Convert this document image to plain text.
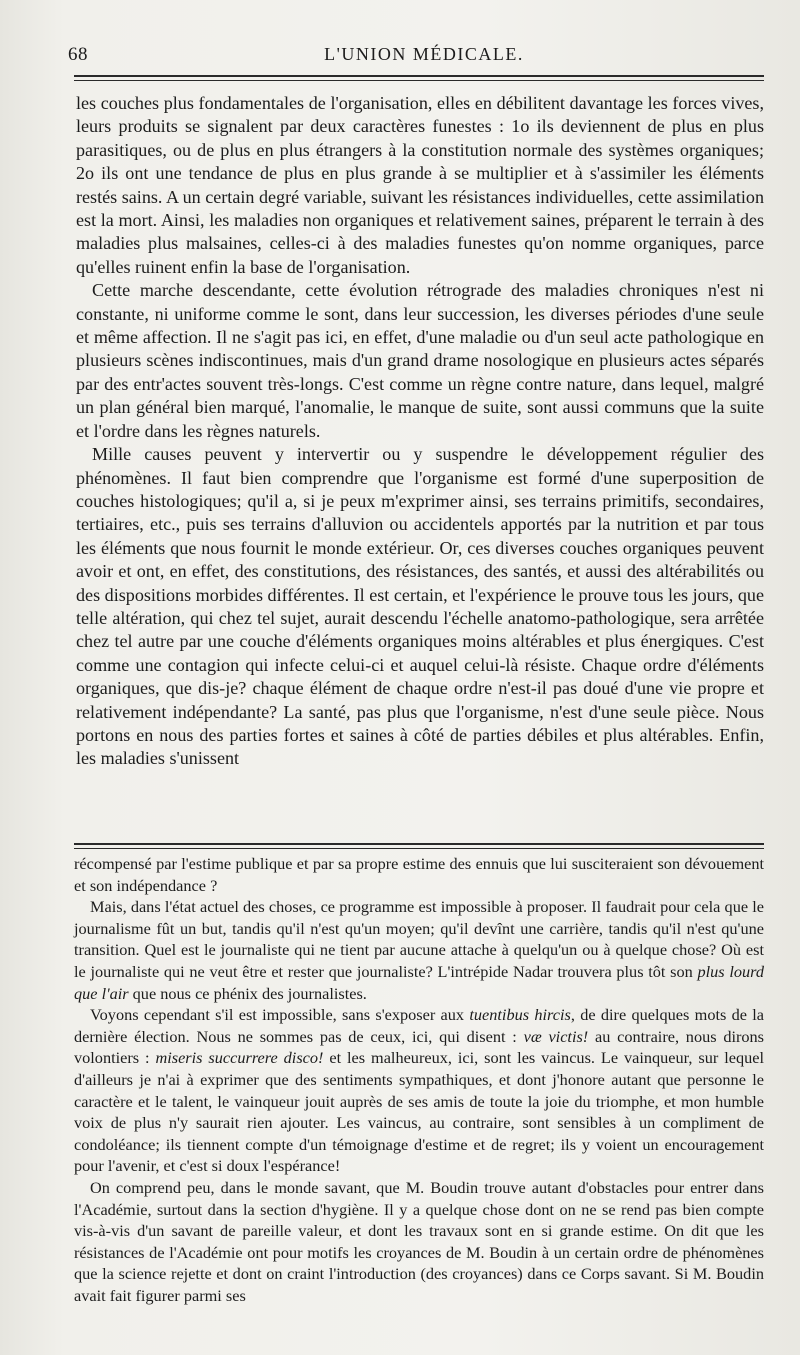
68	L'UNION MÉDICALE.

les couches plus fondamentales de l'organisation, elles en débilitent davantage les forces vives, leurs produits se signalent par deux caractères funestes : 1o ils deviennent de plus en plus parasitiques, ou de plus en plus étrangers à la constitution normale des systèmes organiques; 2o ils ont une tendance de plus en plus grande à se multiplier et à s'assimiler les éléments restés sains. A un certain degré variable, suivant les résistances individuelles, cette assimilation est la mort. Ainsi, les maladies non organiques et relativement saines, préparent le terrain à des maladies plus malsaines, celles-ci à des maladies funestes qu'on nomme organiques, parce qu'elles ruinent enfin la base de l'organisation.

Cette marche descendante, cette évolution rétrograde des maladies chroniques n'est ni constante, ni uniforme comme le sont, dans leur succession, les diverses périodes d'une seule et même affection. Il ne s'agit pas ici, en effet, d'une maladie ou d'un seul acte pathologique en plusieurs scènes indiscontinues, mais d'un grand drame nosologique en plusieurs actes séparés par des entr'actes souvent très-longs. C'est comme un règne contre nature, dans lequel, malgré un plan général bien marqué, l'anomalie, le manque de suite, sont aussi communs que la suite et l'ordre dans les règnes naturels.

Mille causes peuvent y intervertir ou y suspendre le développement régulier des phénomènes. Il faut bien comprendre que l'organisme est formé d'une superposition de couches histologiques; qu'il a, si je peux m'exprimer ainsi, ses terrains primitifs, secondaires, tertiaires, etc., puis ses terrains d'alluvion ou accidentels apportés par la nutrition et par tous les éléments que nous fournit le monde extérieur. Or, ces diverses couches organiques peuvent avoir et ont, en effet, des constitutions, des résistances, des santés, et aussi des altérabilités ou des dispositions morbides différentes. Il est certain, et l'expérience le prouve tous les jours, que telle altération, qui chez tel sujet, aurait descendu l'échelle anatomo-pathologique, sera arrêtée chez tel autre par une couche d'éléments organiques moins altérables et plus énergiques. C'est comme une contagion qui infecte celui-ci et auquel celui-là résiste. Chaque ordre d'éléments organiques, que dis-je? chaque élément de chaque ordre n'est-il pas doué d'une vie propre et relativement indépendante? La santé, pas plus que l'organisme, n'est d'une seule pièce. Nous portons en nous des parties fortes et saines à côté de parties débiles et plus altérables. Enfin, les maladies s'unissent

récompensé par l'estime publique et par sa propre estime des ennuis que lui susciteraient son dévouement et son indépendance ?

Mais, dans l'état actuel des choses, ce programme est impossible à proposer. Il faudrait pour cela que le journalisme fût un but, tandis qu'il n'est qu'un moyen; qu'il devînt une carrière, tandis qu'il n'est qu'une transition. Quel est le journaliste qui ne tient par aucune attache à quelqu'un ou à quelque chose? Où est le journaliste qui ne veut être et rester que journaliste? L'intrépide Nadar trouvera plus tôt son plus lourd que l'air que nous ce phénix des journalistes.

Voyons cependant s'il est impossible, sans s'exposer aux tuentibus hircis, de dire quelques mots de la dernière élection. Nous ne sommes pas de ceux, ici, qui disent : væ victis! au contraire, nous dirons volontiers : miseris succurrere disco! et les malheureux, ici, sont les vaincus. Le vainqueur, sur lequel d'ailleurs je n'ai à exprimer que des sentiments sympathiques, et dont j'honore autant que personne le caractère et le talent, le vainqueur jouit auprès de ses amis de toute la joie du triomphe, et mon humble voix de plus n'y saurait rien ajouter. Les vaincus, au contraire, sont sensibles à un compliment de condoléance; ils tiennent compte d'un témoignage d'estime et de regret; ils y voient un encouragement pour l'avenir, et c'est si doux l'espérance!

On comprend peu, dans le monde savant, que M. Boudin trouve autant d'obstacles pour entrer dans l'Académie, surtout dans la section d'hygiène. Il y a quelque chose dont on ne se rend pas bien compte vis-à-vis d'un savant de pareille valeur, et dont les travaux sont en si grande estime. On dit que les résistances de l'Académie ont pour motifs les croyances de M. Boudin à un certain ordre de phénomènes que la science rejette et dont on craint l'introduction (des croyances) dans ce Corps savant. Si M. Boudin avait fait figurer parmi ses
